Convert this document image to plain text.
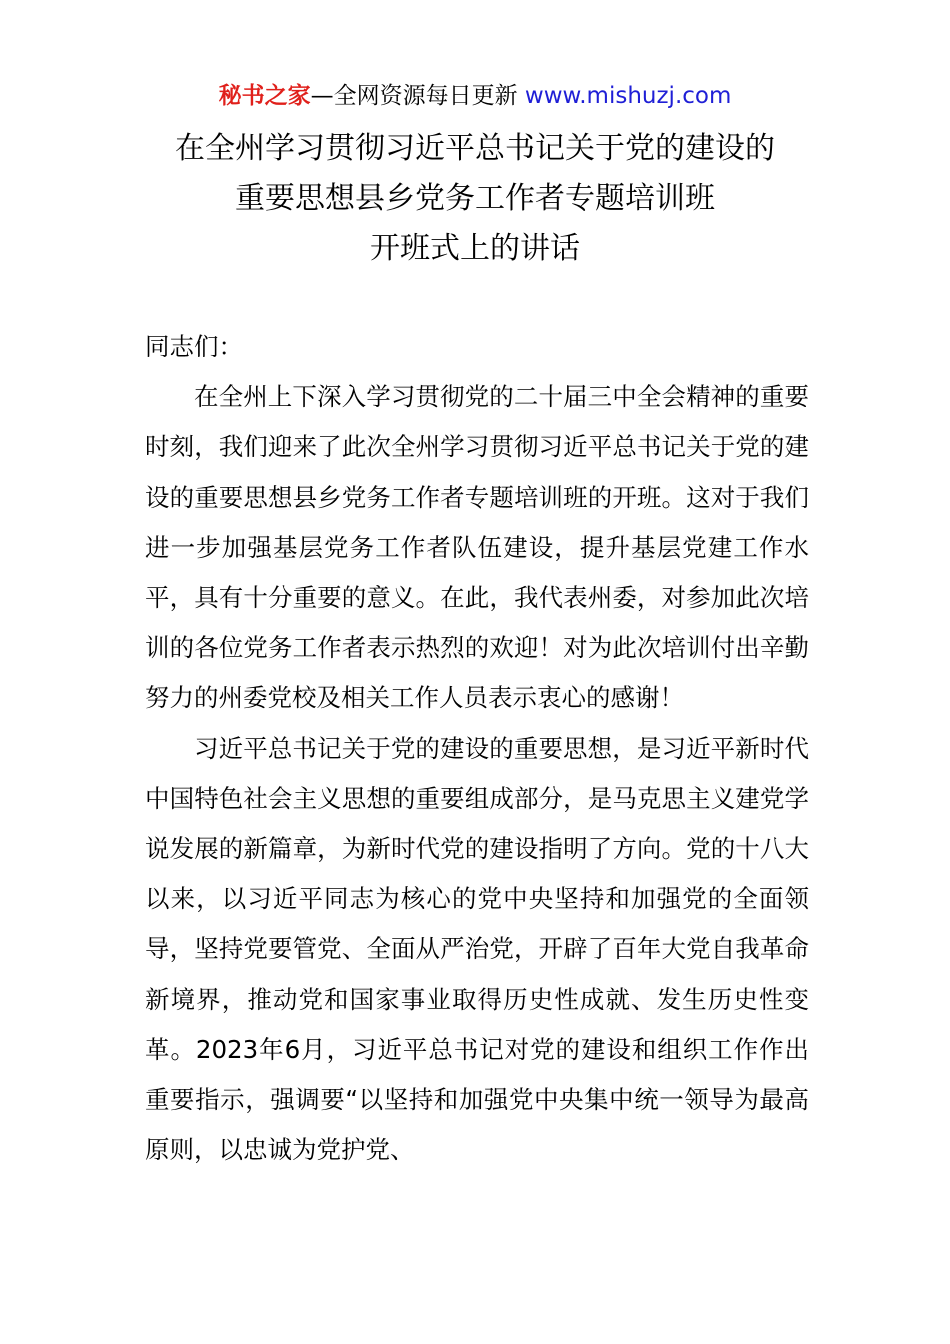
秘书之家—全网资源每日更新 www.mishuzj.com
在全州学习贯彻习近平总书记关于党的建设的
重要思想县乡党务工作者专题培训班
开班式上的讲话

同志们：

在全州上下深入学习贯彻党的二十届三中全会精神的重要时刻，我们迎来了此次全州学习贯彻习近平总书记关于党的建设的重要思想县乡党务工作者专题培训班的开班。这对于我们进一步加强基层党务工作者队伍建设，提升基层党建工作水平，具有十分重要的意义。在此，我代表州委，对参加此次培训的各位党务工作者表示热烈的欢迎！对为此次培训付出辛勤努力的州委党校及相关工作人员表示衷心的感谢！

习近平总书记关于党的建设的重要思想，是习近平新时代中国特色社会主义思想的重要组成部分，是马克思主义建党学说发展的新篇章，为新时代党的建设指明了方向。党的十八大以来，以习近平同志为核心的党中央坚持和加强党的全面领导，坚持党要管党、全面从严治党，开辟了百年大党自我革命新境界，推动党和国家事业取得历史性成就、发生历史性变革。2023年6月，习近平总书记对党的建设和组织工作作出重要指示，强调要“以坚持和加强党中央集中统一领导为最高原则，以忠诚为党护党、
